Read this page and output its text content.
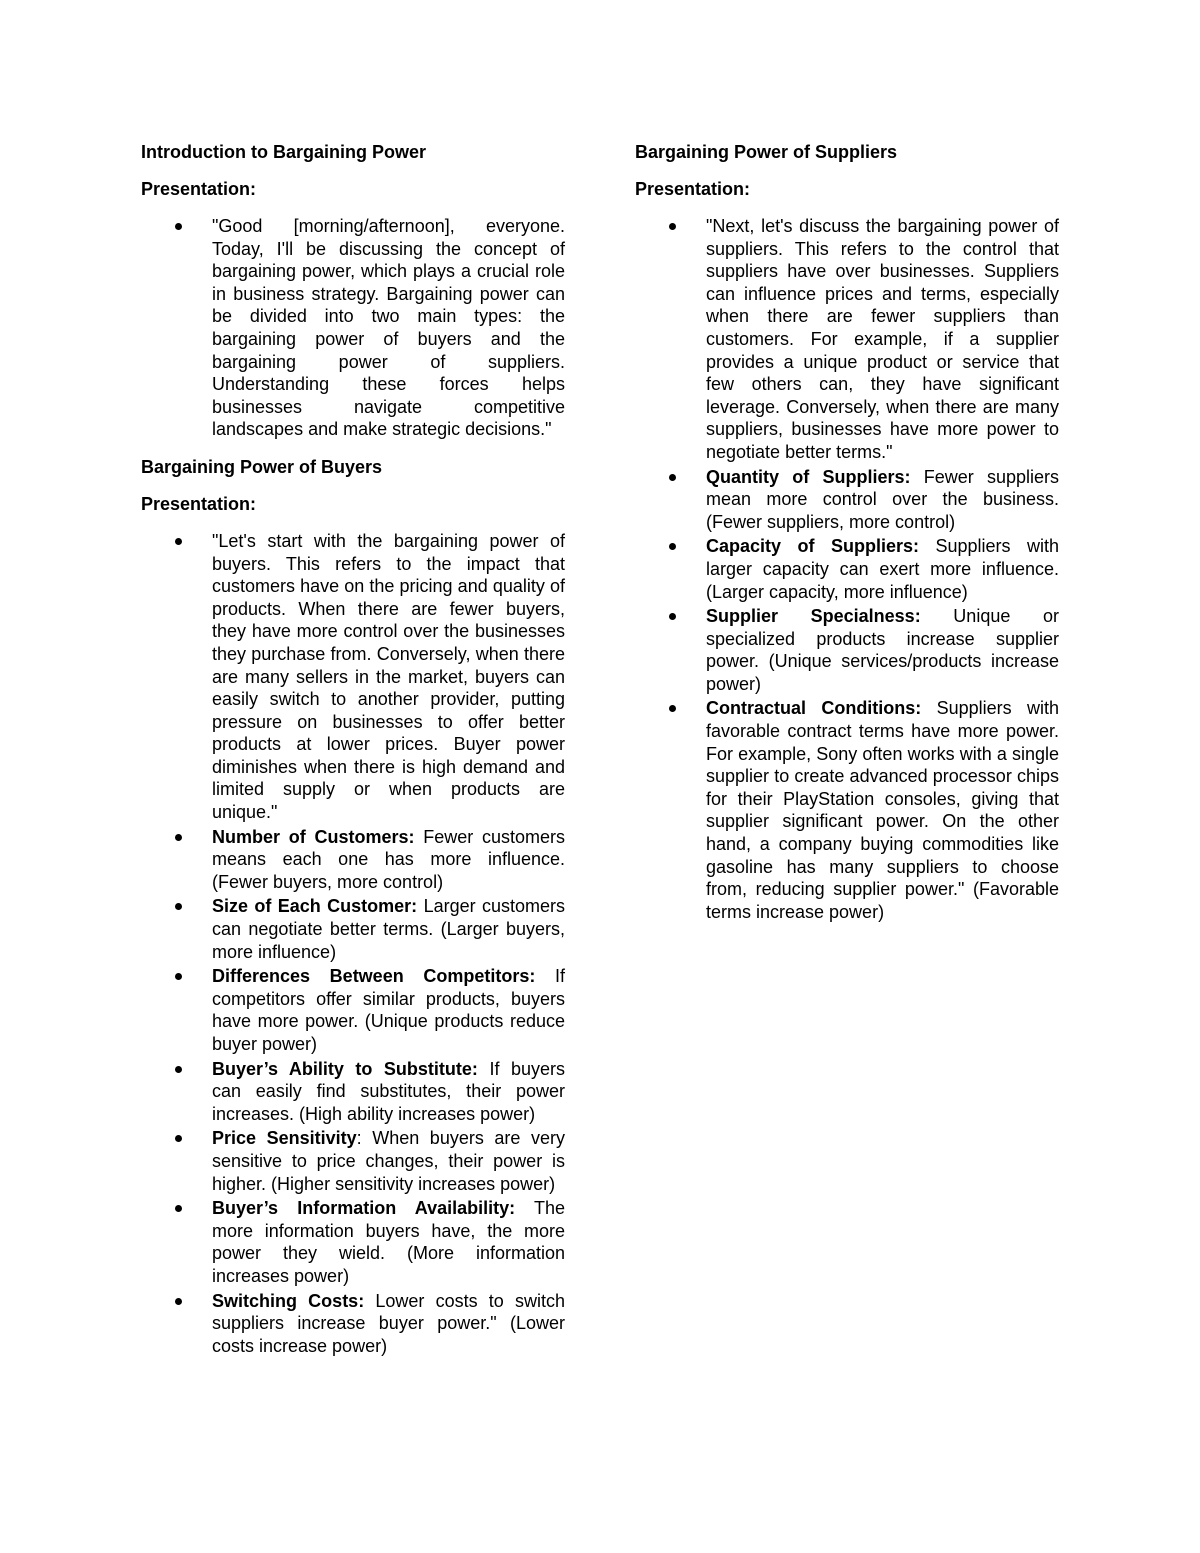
Introduction to Bargaining Power

Presentation:

"Good [morning/afternoon], everyone. Today, I'll be discussing the concept of bargaining power, which plays a crucial role in business strategy. Bargaining power can be divided into two main types: the bargaining power of buyers and the bargaining power of suppliers. Understanding these forces helps businesses navigate competitive landscapes and make strategic decisions."

Bargaining Power of Buyers

Presentation:

"Let's start with the bargaining power of buyers. This refers to the impact that customers have on the pricing and quality of products. When there are fewer buyers, they have more control over the businesses they purchase from. Conversely, when there are many sellers in the market, buyers can easily switch to another provider, putting pressure on businesses to offer better products at lower prices. Buyer power diminishes when there is high demand and limited supply or when products are unique."
Number of Customers: Fewer customers means each one has more influence. (Fewer buyers, more control)
Size of Each Customer: Larger customers can negotiate better terms. (Larger buyers, more influence)
Differences Between Competitors: If competitors offer similar products, buyers have more power. (Unique products reduce buyer power)
Buyer’s Ability to Substitute: If buyers can easily find substitutes, their power increases. (High ability increases power)
Price Sensitivity: When buyers are very sensitive to price changes, their power is higher. (Higher sensitivity increases power)
Buyer’s Information Availability: The more information buyers have, the more power they wield. (More information increases power)
Switching Costs: Lower costs to switch suppliers increase buyer power." (Lower costs increase power)

Bargaining Power of Suppliers

Presentation:

"Next, let's discuss the bargaining power of suppliers. This refers to the control that suppliers have over businesses. Suppliers can influence prices and terms, especially when there are fewer suppliers than customers. For example, if a supplier provides a unique product or service that few others can, they have significant leverage. Conversely, when there are many suppliers, businesses have more power to negotiate better terms."
Quantity of Suppliers: Fewer suppliers mean more control over the business. (Fewer suppliers, more control)
Capacity of Suppliers: Suppliers with larger capacity can exert more influence. (Larger capacity, more influence)
Supplier Specialness: Unique or specialized products increase supplier power. (Unique services/products increase power)
Contractual Conditions: Suppliers with favorable contract terms have more power. For example, Sony often works with a single supplier to create advanced processor chips for their PlayStation consoles, giving that supplier significant power. On the other hand, a company buying commodities like gasoline has many suppliers to choose from, reducing supplier power." (Favorable terms increase power)
